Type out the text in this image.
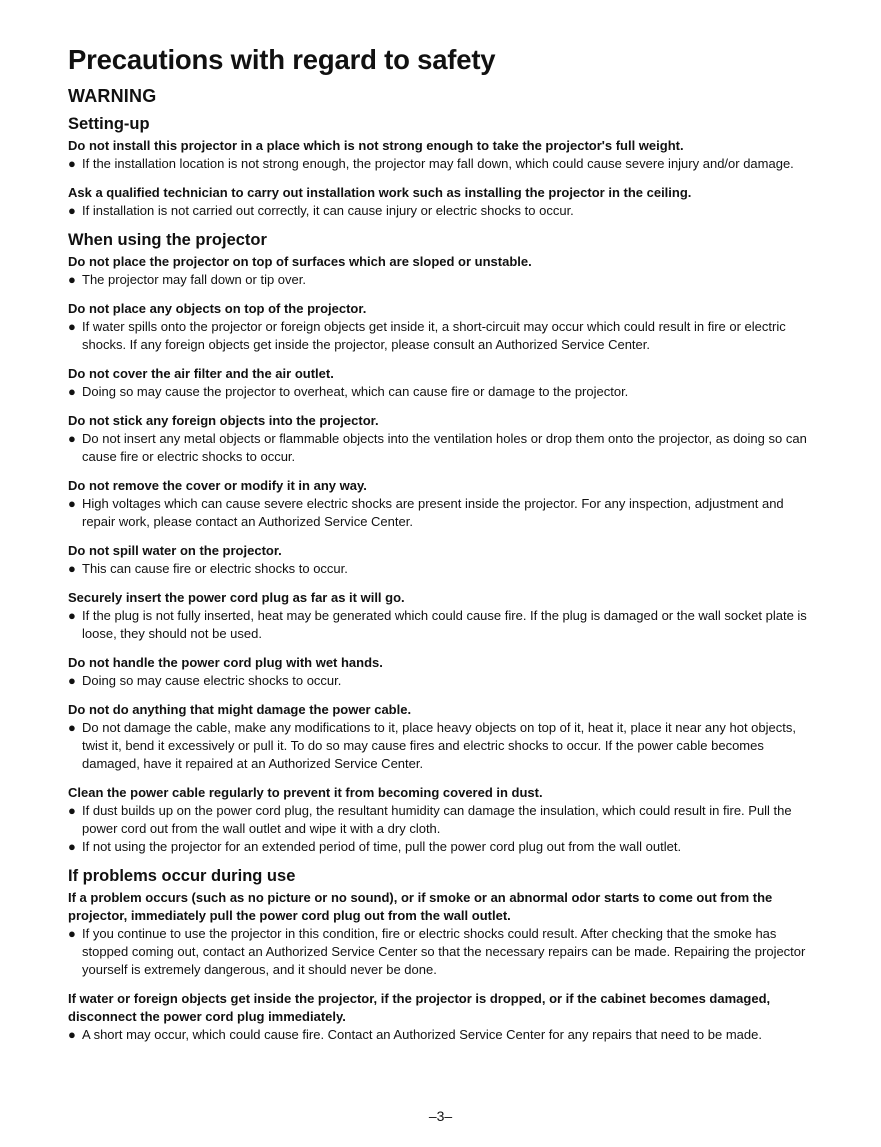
Precautions with regard to safety
WARNING
Setting-up

Do not install this projector in a place which is not strong enough to take the projector's full weight.

● If the installation location is not strong enough, the projector may fall down, which could cause severe injury and/or damage.

Ask a qualified technician to carry out installation work such as installing the projector in the ceiling.

● If installation is not carried out correctly, it can cause injury or electric shocks to occur.
When using the projector

Do not place the projector on top of surfaces which are sloped or unstable.

● The projector may fall down or tip over.

Do not place any objects on top of the projector.

● If water spills onto the projector or foreign objects get inside it, a short-circuit may occur which could result in fire or electric shocks. If any foreign objects get inside the projector, please consult an Authorized Service Center.

Do not cover the air filter and the air outlet.

● Doing so may cause the projector to overheat, which can cause fire or damage to the projector.

Do not stick any foreign objects into the projector.

● Do not insert any metal objects or flammable objects into the ventilation holes or drop them onto the projector, as doing so can cause fire or electric shocks to occur.

Do not remove the cover or modify it in any way.

● High voltages which can cause severe electric shocks are present inside the projector. For any inspection, adjustment and repair work, please contact an Authorized Service Center.

Do not spill water on the projector.

● This can cause fire or electric shocks to occur.

Securely insert the power cord plug as far as it will go.

● If the plug is not fully inserted, heat may be generated which could cause fire. If the plug is damaged or the wall socket plate is loose, they should not be used.

Do not handle the power cord plug with wet hands.

● Doing so may cause electric shocks to occur.

Do not do anything that might damage the power cable.

● Do not damage the cable, make any modifications to it, place heavy objects on top of it, heat it, place it near any hot objects, twist it, bend it excessively or pull it. To do so may cause fires and electric shocks to occur. If the power cable becomes damaged, have it repaired at an Authorized Service Center.

Clean the power cable regularly to prevent it from becoming covered in dust.

● If dust builds up on the power cord plug, the resultant humidity can damage the insulation, which could result in fire. Pull the power cord out from the wall outlet and wipe it with a dry cloth.
● If not using the projector for an extended period of time, pull the power cord plug out from the wall outlet.
If problems occur during use

If a problem occurs (such as no picture or no sound), or if smoke or an abnormal odor starts to come out from the projector, immediately pull the power cord plug out from the wall outlet.

● If you continue to use the projector in this condition, fire or electric shocks could result. After checking that the smoke has stopped coming out, contact an Authorized Service Center so that the necessary repairs can be made. Repairing the projector yourself is extremely dangerous, and it should never be done.

If water or foreign objects get inside the projector, if the projector is dropped, or if the cabinet becomes damaged, disconnect the power cord plug immediately.

● A short may occur, which could cause fire. Contact an Authorized Service Center for any repairs that need to be made.
–3–
